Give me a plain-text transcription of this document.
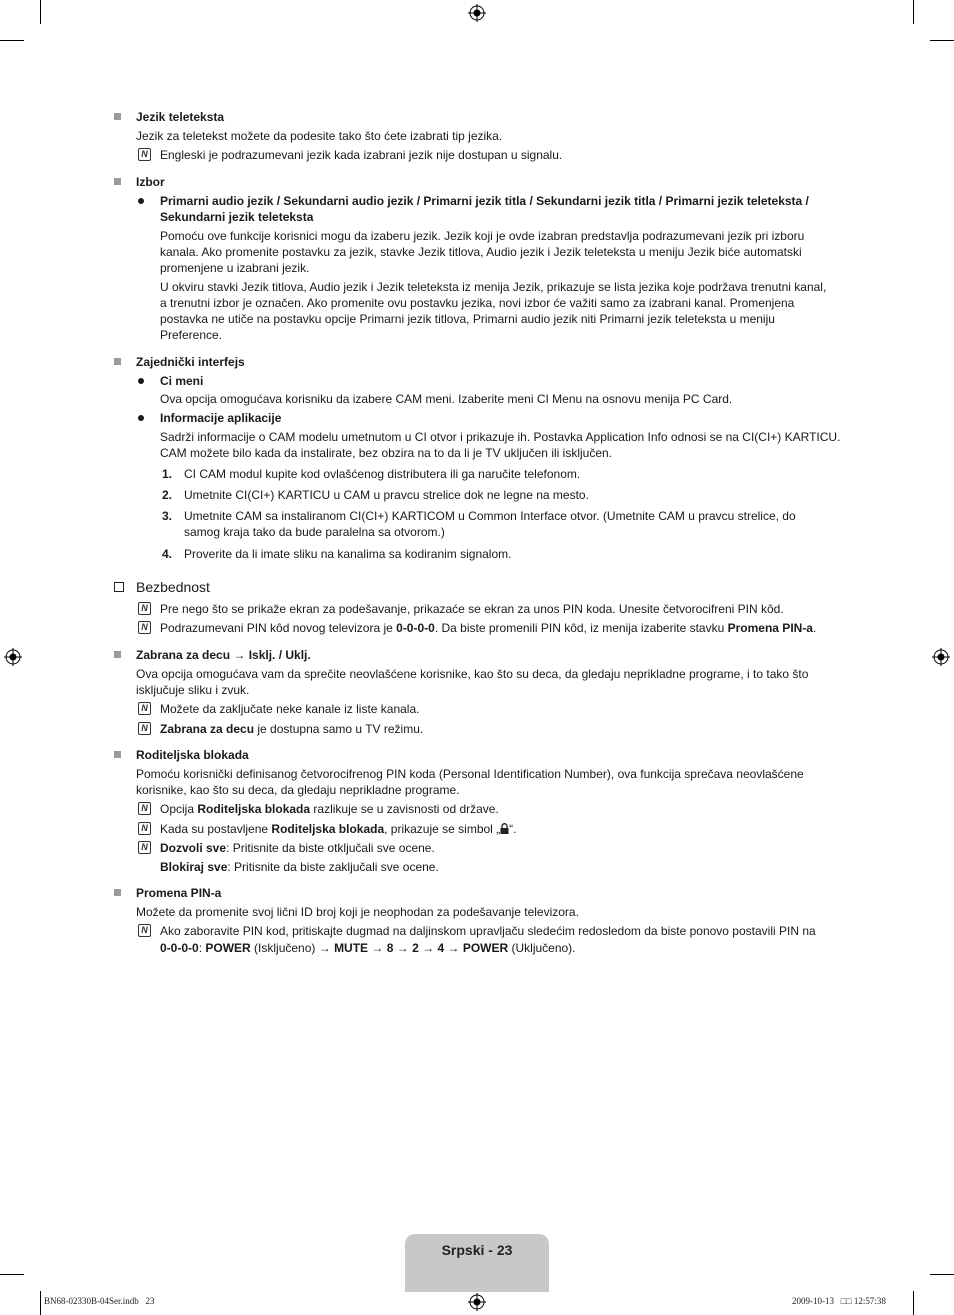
Jezik teleteksta
Jezik za teletekst možete da podesite tako što ćete izabrati tip jezika.
N Engleski je podrazumevani jezik kada izabrani jezik nije dostupan u signalu.
Izbor
Primarni audio jezik / Sekundarni audio jezik / Primarni jezik titla / Sekundarni jezik titla / Primarni jezik teleteksta /
Sekundarni jezik teleteksta
Pomoću ove funkcije korisnici mogu da izaberu jezik. Jezik koji je ovde izabran predstavlja podrazumevani jezik pri izboru
kanala. Ako promenite postavku za jezik, stavke Jezik titlova, Audio jezik i Jezik teleteksta u meniju Jezik biće automatski
promenjene u izabrani jezik.
U okviru stavki Jezik titlova, Audio jezik i Jezik teleteksta iz menija Jezik, prikazuje se lista jezika koje podržava trenutni kanal,
a trenutni izbor je označen. Ako promenite ovu postavku jezika, novi izbor će važiti samo za izabrani kanal. Promenjena
postavka ne utiče na postavku opcije Primarni jezik titlova, Primarni audio jezik niti Primarni jezik teleteksta u meniju
Preference.
Zajednički interfejs
Ci meni
Ova opcija omogućava korisniku da izabere CAM meni. Izaberite meni CI Menu na osnovu menija PC Card.
Informacije aplikacije
Sadrži informacije o CAM modelu umetnutom u CI otvor i prikazuje ih. Postavka Application Info odnosi se na CI(CI+) KARTICU.
CAM možete bilo kada da instalirate, bez obzira na to da li je TV uključen ili isključen.
1. CI CAM modul kupite kod ovlašćenog distributera ili ga naručite telefonom.
2. Umetnite CI(CI+) KARTICU u CAM u pravcu strelice dok ne legne na mesto.
3. Umetnite CAM sa instaliranom CI(CI+) KARTICOM u Common Interface otvor. (Umetnite CAM u pravcu strelice, do
samog kraja tako da bude paralelna sa otvorom.)
4. Proverite da li imate sliku na kanalima sa kodiranim signalom.
Bezbednost
N Pre nego što se prikaže ekran za podešavanje, prikazaće se ekran za unos PIN koda. Unesite četvorocifreni PIN kôd.
N Podrazumevani PIN kôd novog televizora je 0-0-0-0. Da biste promenili PIN kôd, iz menija izaberite stavku Promena PIN-a.
Zabrana za decu → Isklj. / Uklj.
Ova opcija omogućava vam da sprečite neovlašćene korisnike, kao što su deca, da gledaju neprikladne programe, i to tako što
isključuje sliku i zvuk.
N Možete da zaključate neke kanale iz liste kanala.
N Zabrana za decu je dostupna samo u TV režimu.
Roditeljska blokada
Pomoću korisnički definisanog četvorocifrenog PIN koda (Personal Identification Number), ova funkcija sprečava neovlašćene
korisnike, kao što su deca, da gledaju neprikladne programe.
N Opcija Roditeljska blokada razlikuje se u zavisnosti od države.
N Kada su postavljene Roditeljska blokada, prikazuje se simbol „ “.
N Dozvoli sve: Pritisnite da biste otključali sve ocene.
Blokiraj sve: Pritisnite da biste zaključali sve ocene.
Promena PIN-a
Možete da promenite svoj lični ID broj koji je neophodan za podešavanje televizora.
N Ako zaboravite PIN kod, pritiskajte dugmad na daljinskom upravljaču sledećim redosledom da biste ponovo postavili PIN na
0-0-0-0: POWER (Isključeno) → MUTE → 8 → 2 → 4 → POWER (Uključeno).
Srpski - 23
BN68-02330B-04Ser.indb   23	2009-10-13   □□ 12:57:38
